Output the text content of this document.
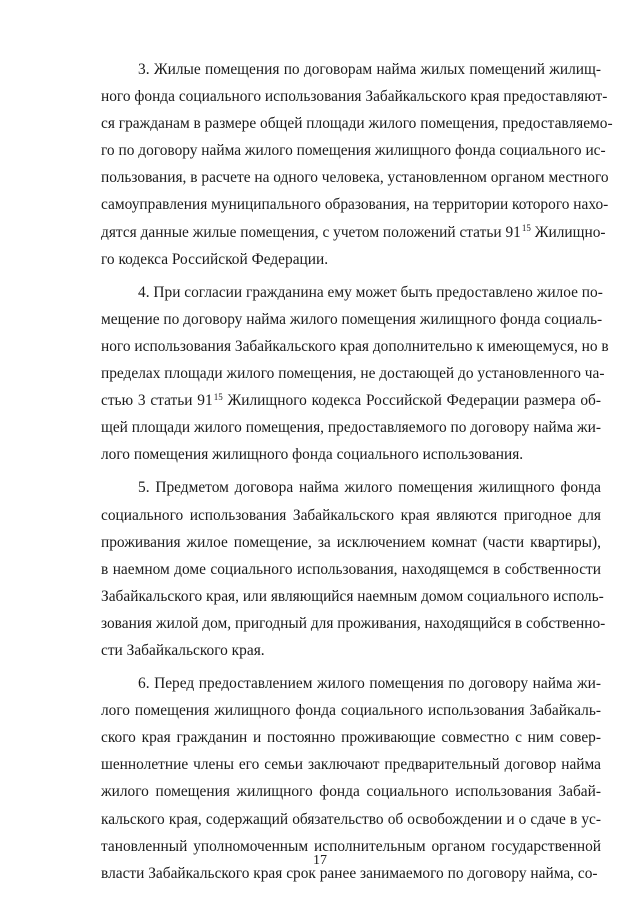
3. Жилые помещения по договорам найма жилых помещений жилищ-
ного фонда социального использования Забайкальского края предоставляют-
ся гражданам в размере общей площади жилого помещения, предоставляемо-
го по договору найма жилого помещения жилищного фонда социального ис-
пользования, в расчете на одного человека, установленном органом местного
самоуправления муниципального образования, на территории которого нахо-
дятся данные жилые помещения, с учетом положений статьи $91^{15}$ Жилищно-
го кодекса Российской Федерации.
4. При согласии гражданина ему может быть предоставлено жилое по-
мещение по договору найма жилого помещения жилищного фонда социаль-
ного использования Забайкальского края дополнительно к имеющемуся, но в
пределах площади жилого помещения, не достающей до установленного ча-
стью 3 статьи $91^{15}$ Жилищного кодекса Российской Федерации размера об-
щей площади жилого помещения, предоставляемого по договору найма жи-
лого помещения жилищного фонда социального использования.
5. Предметом договора найма жилого помещения жилищного фонда
социального использования Забайкальского края являются пригодное для
проживания жилое помещение, за исключением комнат (части квартиры),
в наемном доме социального использования, находящемся в собственности
Забайкальского края, или являющийся наемным домом социального исполь-
зования жилой дом, пригодный для проживания, находящийся в собственно-
сти Забайкальского края.
6. Перед предоставлением жилого помещения по договору найма жи-
лого помещения жилищного фонда социального использования Забайкаль-
ского края гражданин и постоянно проживающие совместно с ним совер-
шеннолетние члены его семьи заключают предварительный договор найма
жилого помещения жилищного фонда социального использования Забай-
кальского края, содержащий обязательство об освобождении и о сдаче в ус-
тановленный уполномоченным исполнительным органом государственной
власти Забайкальского края срок ранее занимаемого по договору найма, со-
17
